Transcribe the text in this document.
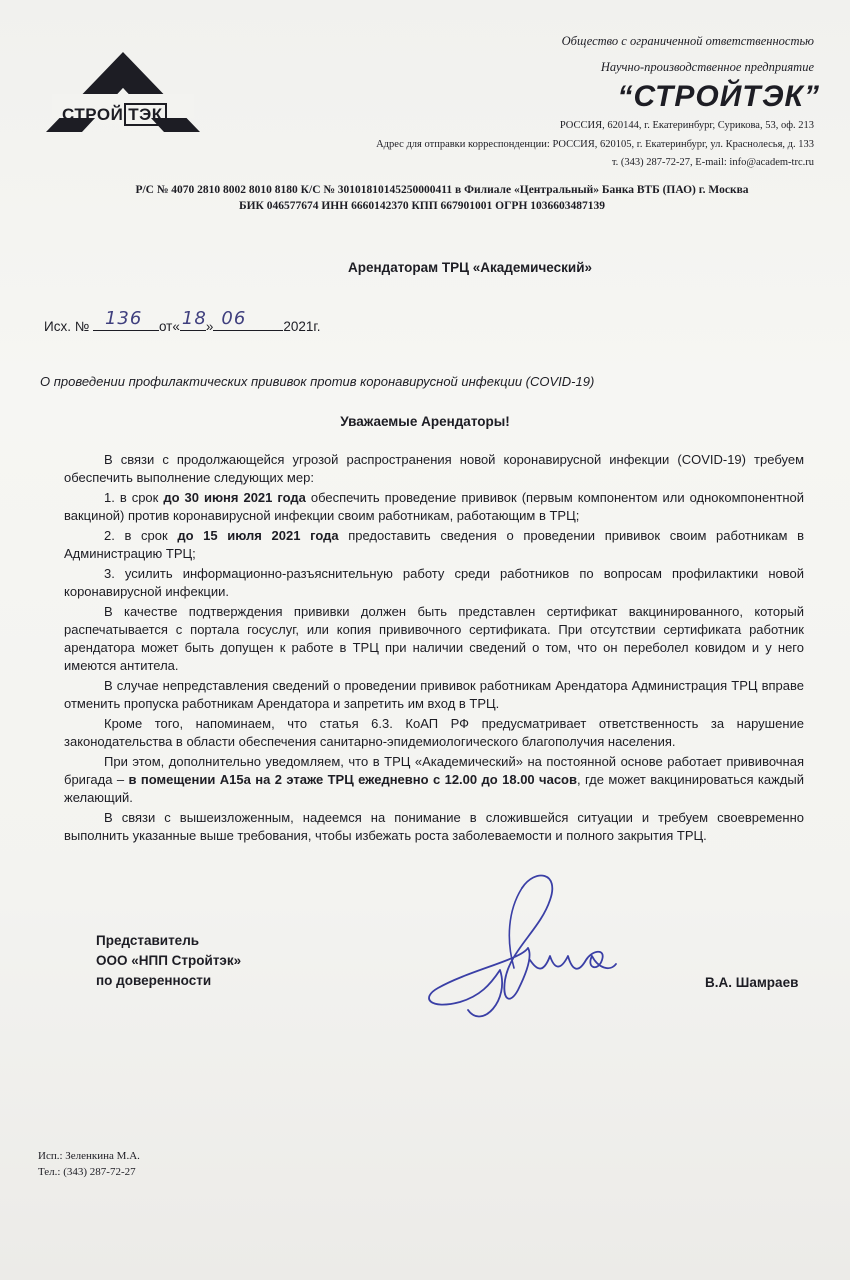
СТРОЙ ТЭК
Общество с ограниченной ответственностью
Научно-производственное предприятие
“СТРОЙТЭК”
РОССИЯ, 620144, г. Екатеринбург, Сурикова, 53, оф. 213
Адрес для отправки корреспонденции: РОССИЯ, 620105, г. Екатеринбург, ул. Краснолесья, д. 133
т. (343) 287-72-27, E-mail: info@academ-trc.ru
Р/С № 4070 2810 8002 8010 8180 К/С № 30101810145250000411 в Филиале «Центральный» Банка ВТБ (ПАО) г. Москва
БИК 046577674 ИНН 6660142370 КПП 667901001 ОГРН 1036603487139
Арендаторам ТРЦ «Академический»
Исх. № 136 от« 18 » 06	2021г.
О проведении профилактических прививок против коронавирусной инфекции (COVID-19)
Уважаемые Арендаторы!

В связи с продолжающейся угрозой распространения новой коронавирусной инфекции (COVID-19) требуем обеспечить выполнение следующих мер:

1. в срок до 30 июня 2021 года обеспечить проведение прививок (первым компонентом или однокомпонентной вакциной) против коронавирусной инфекции своим работникам, работающим в ТРЦ;

2. в срок до 15 июля 2021 года предоставить сведения о проведении прививок своим работникам в Администрацию ТРЦ;

3. усилить информационно-разъяснительную работу среди работников по вопросам профилактики новой коронавирусной инфекции.

В качестве подтверждения прививки должен быть представлен сертификат вакцинированного, который распечатывается с портала госуслуг, или копия прививочного сертификата. При отсутствии сертификата работник арендатора может быть допущен к работе в ТРЦ при наличии сведений о том, что он переболел ковидом и у него имеются антитела.

В случае непредставления сведений о проведении прививок работникам Арендатора Администрация ТРЦ вправе отменить пропуска работникам Арендатора и запретить им вход в ТРЦ.

Кроме того, напоминаем, что статья 6.3. КоАП РФ предусматривает ответственность за нарушение законодательства в области обеспечения санитарно-эпидемиологического благополучия населения.

При этом, дополнительно уведомляем, что в ТРЦ «Академический» на постоянной основе работает прививочная бригада – в помещении А15а на 2 этаже ТРЦ ежедневно с 12.00 до 18.00 часов, где может вакцинироваться каждый желающий.

В связи с вышеизложенным, надеемся на понимание в сложившейся ситуации и требуем своевременно выполнить указанные выше требования, чтобы избежать роста заболеваемости и полного закрытия ТРЦ.

Представитель
ООО «НПП Стройтэк»
по доверенности	В.А. Шамраев
Исп.: Зеленкина М.А.
Тел.: (343) 287-72-27
